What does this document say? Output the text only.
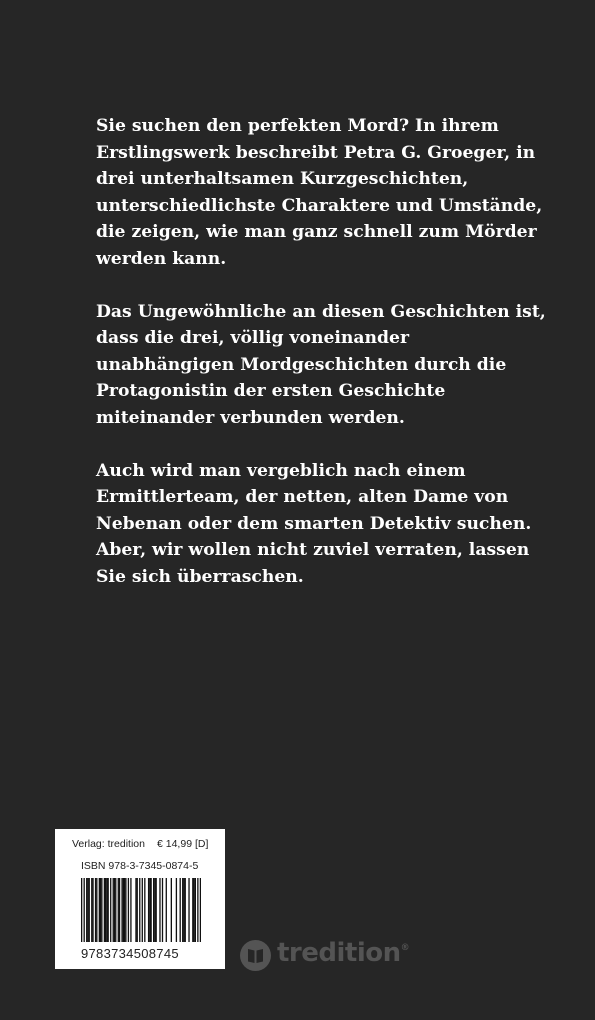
Sie suchen den perfekten Mord? In ihrem
Erstlingswerk beschreibt Petra G. Groeger, in
drei unterhaltsamen Kurzgeschichten,
unterschiedlichste Charaktere und Umstände,
die zeigen, wie man ganz schnell zum Mörder
werden kann.

Das Ungewöhnliche an diesen Geschichten ist,
dass die drei, völlig voneinander
unabhängigen Mordgeschichten durch die
Protagonistin der ersten Geschichte
miteinander verbunden werden.

Auch wird man vergeblich nach einem
Ermittlerteam, der netten, alten Dame von
Nebenan oder dem smarten Detektiv suchen.
Aber, wir wollen nicht zuviel verraten, lassen
Sie sich überraschen.

Verlag: tredition	€ 14,99 [D]
ISBN 978-3-7345-0874-5
9783734508745	tredition®
